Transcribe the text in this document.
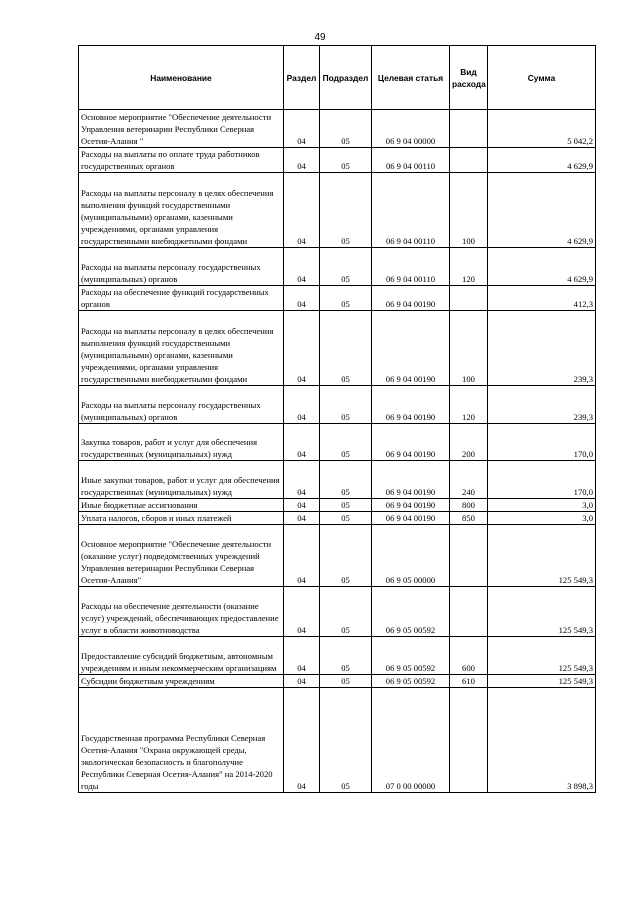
49
Наименование	Раздел	Подраздел	Целевая статья	Вид расхода	Сумма
Основное мероприятие "Обеспечение деятельности Управления ветеринарии Республики Северная Осетия-Алания "	04	05	06 9 04 00000		5 042,2
Расходы на выплаты по оплате труда работников государственных органов	04	05	06 9 04 00110		4 629,9
Расходы на выплаты персоналу в целях обеспечения выполнения функций государственными (муниципальными) органами, казенными учреждениями, органами управления государственными внебюджетными фондами	04	05	06 9 04 00110	100	4 629,9
Расходы на выплаты персоналу государственных (муниципальных) органов	04	05	06 9 04 00110	120	4 629,9
Расходы на обеспечение функций государственных органов	04	05	06 9 04 00190		412,3
Расходы на выплаты персоналу в целях обеспечения выполнения функций государственными (муниципальными) органами, казенными учреждениями, органами управления государственными внебюджетными фондами	04	05	06 9 04 00190	100	239,3
Расходы на выплаты персоналу государственных (муниципальных) органов	04	05	06 9 04 00190	120	239,3
Закупка товаров, работ и услуг для обеспечения государственных (муниципальных) нужд	04	05	06 9 04 00190	200	170,0
Иные закупки товаров, работ и услуг для обеспечения государственных (муниципальных) нужд	04	05	06 9 04 00190	240	170,0
Иные бюджетные ассигнования	04	05	06 9 04 00190	800	3,0
Уплата налогов, сборов и иных платежей	04	05	06 9 04 00190	850	3,0
Основное мероприятие "Обеспечение деятельности (оказание услуг) подведомственных учреждений Управления ветеринарии Республики Северная Осетия-Алания"	04	05	06 9 05 00000		125 549,3
Расходы на обеспечение деятельности (оказание услуг) учреждений, обеспечивающих предоставление услуг в области животноводства	04	05	06 9 05 00592		125 549,3
Предоставление субсидий бюджетным, автономным учреждениям и иным некоммерческим организациям	04	05	06 9 05 00592	600	125 549,3
Субсидии бюджетным учреждениям	04	05	06 9 05 00592	610	125 549,3
Государственная программа Республики Северная Осетия-Алания "Охрана окружающей среды, экологическая безопасность и благополучие Республики Северная Осетия-Алания" на 2014-2020 годы	04	05	07 0 00 00000		3 898,3
